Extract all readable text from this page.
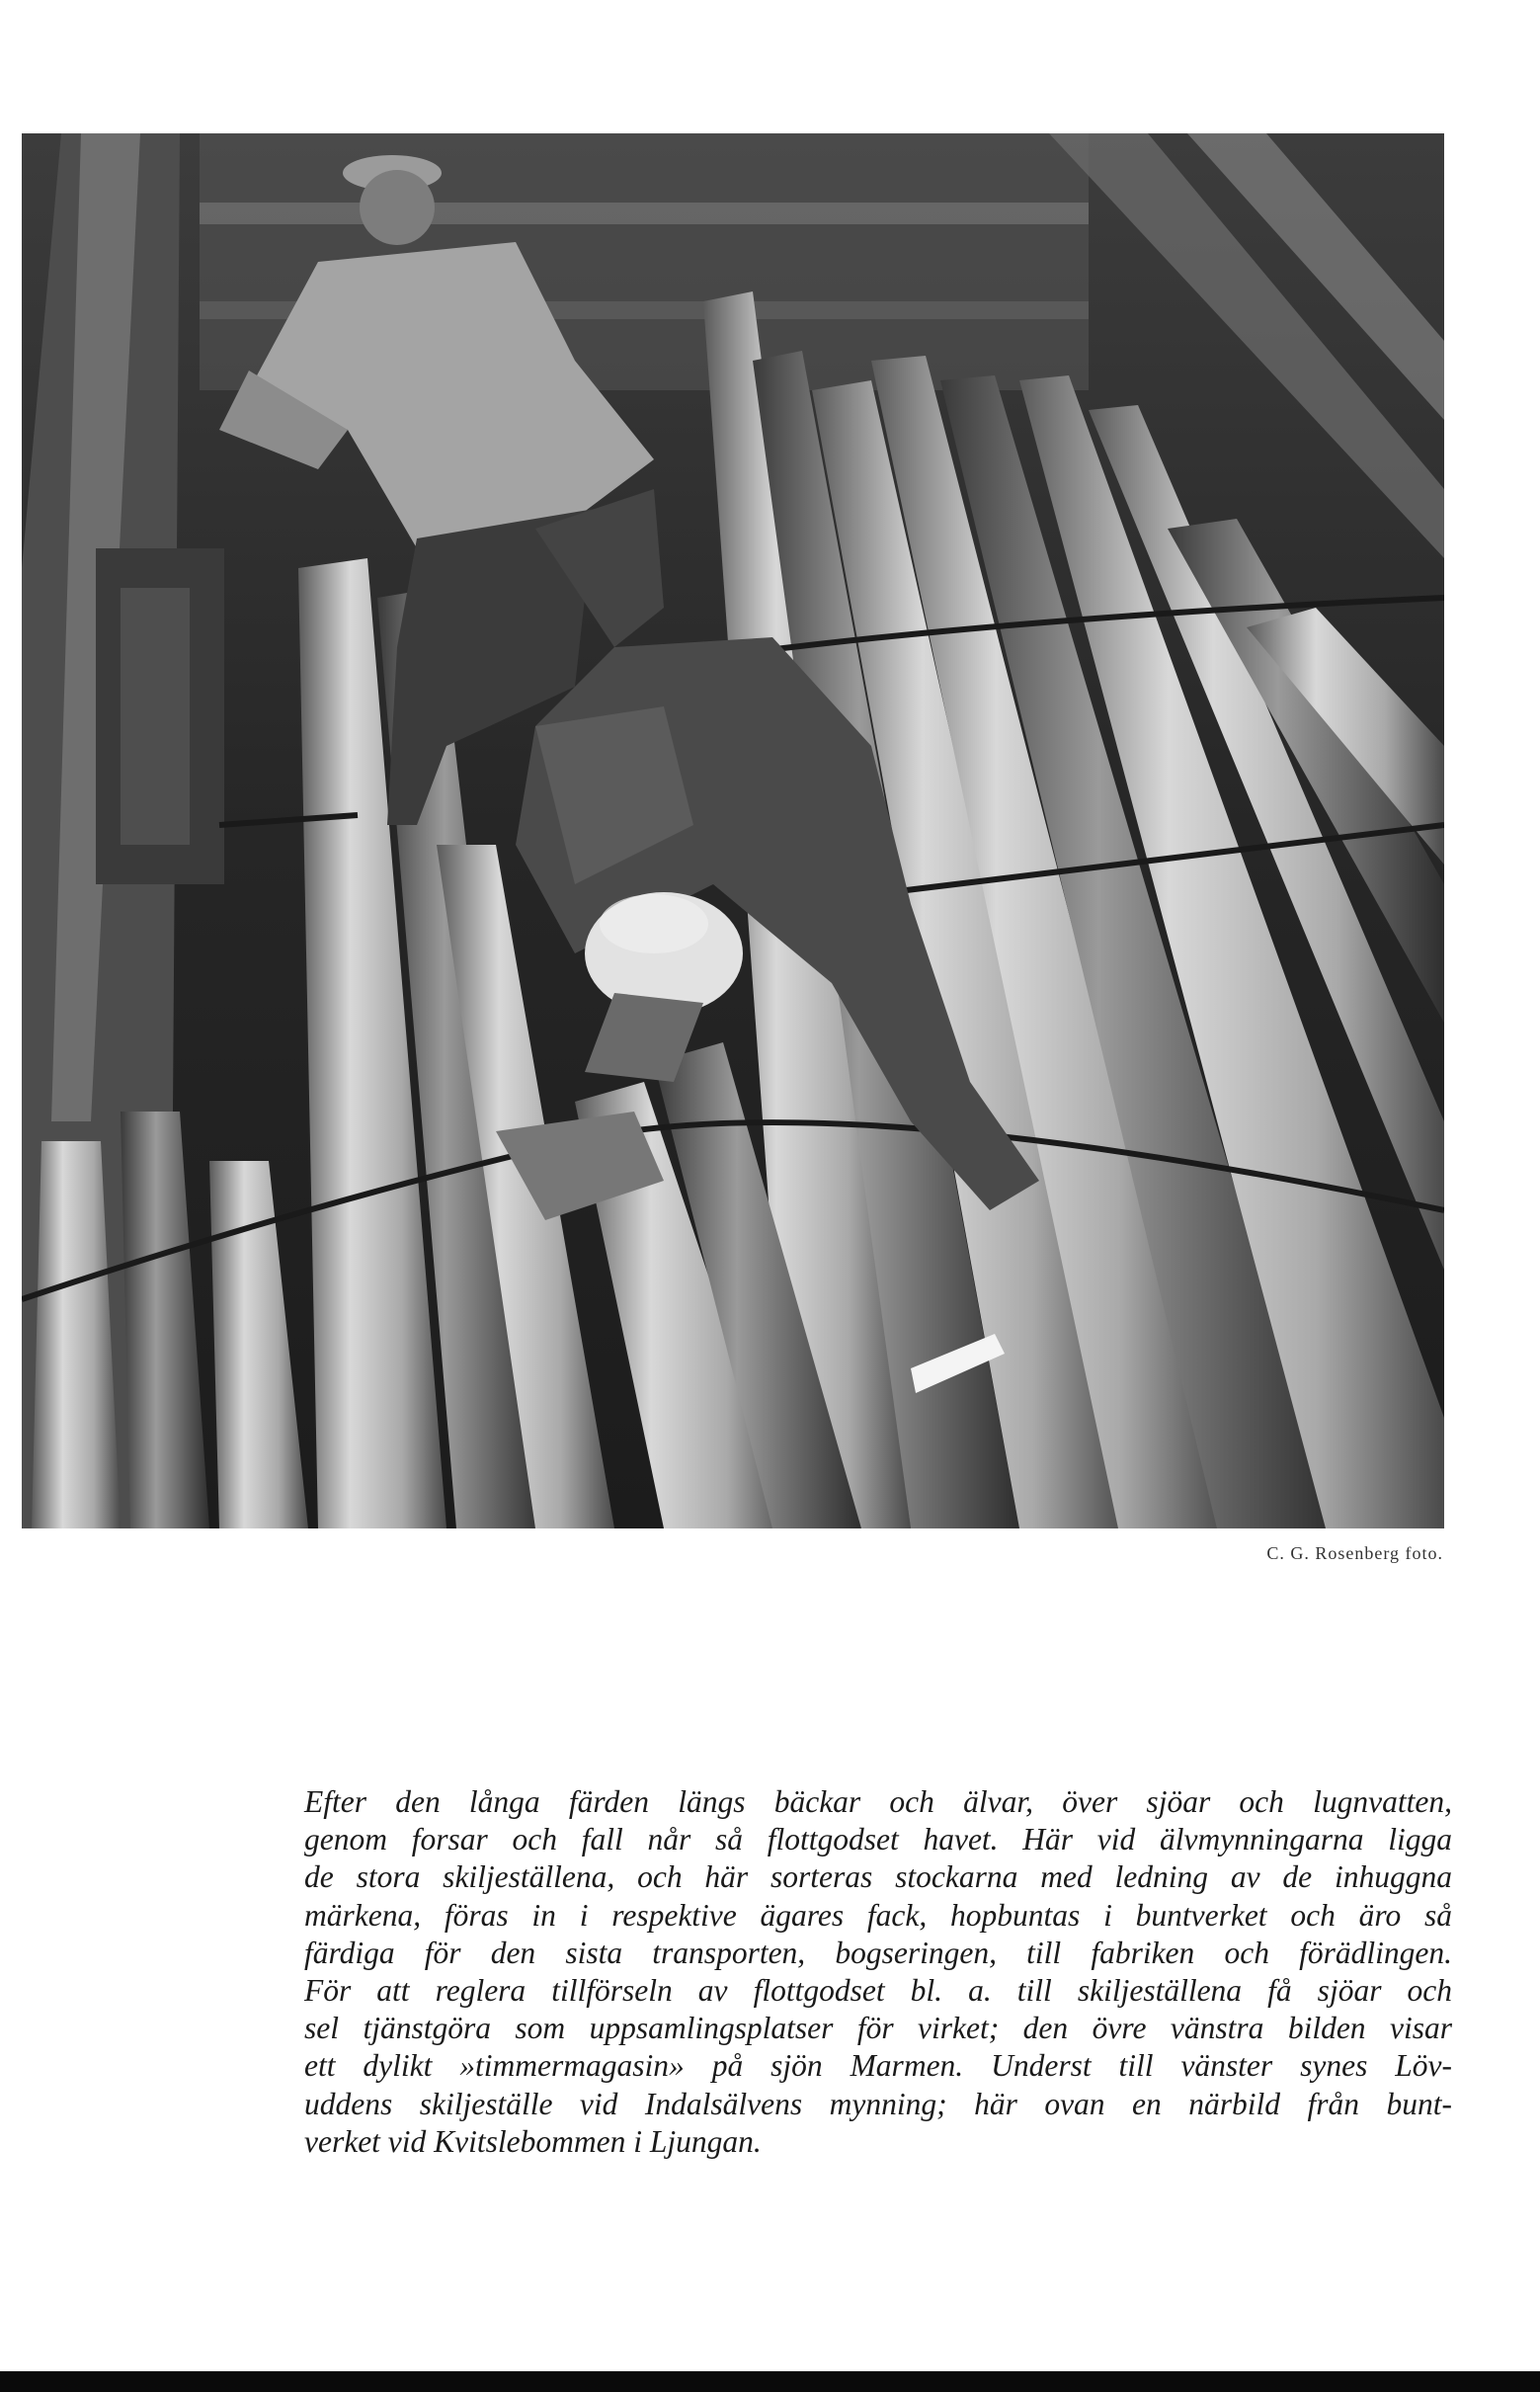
C. G. Rosenberg foto.
Efter den långa färden längs bäckar och älvar, över sjöar och lugnvatten,
genom forsar och fall når så flottgodset havet. Här vid älvmynningarna ligga
de stora skiljeställena, och här sorteras stockarna med ledning av de inhuggna
märkena, föras in i respektive ägares fack, hopbuntas i buntverket och äro så
färdiga för den sista transporten, bogseringen, till fabriken och förädlingen.
För att reglera tillförseln av flottgodset bl. a. till skiljeställena få sjöar och
sel tjänstgöra som uppsamlingsplatser för virket; den övre vänstra bilden visar
ett dylikt »timmermagasin» på sjön Marmen. Underst till vänster synes Löv-
uddens skiljeställe vid Indalsälvens mynning; här ovan en närbild från bunt-
verket vid Kvitslebommen i Ljungan.
